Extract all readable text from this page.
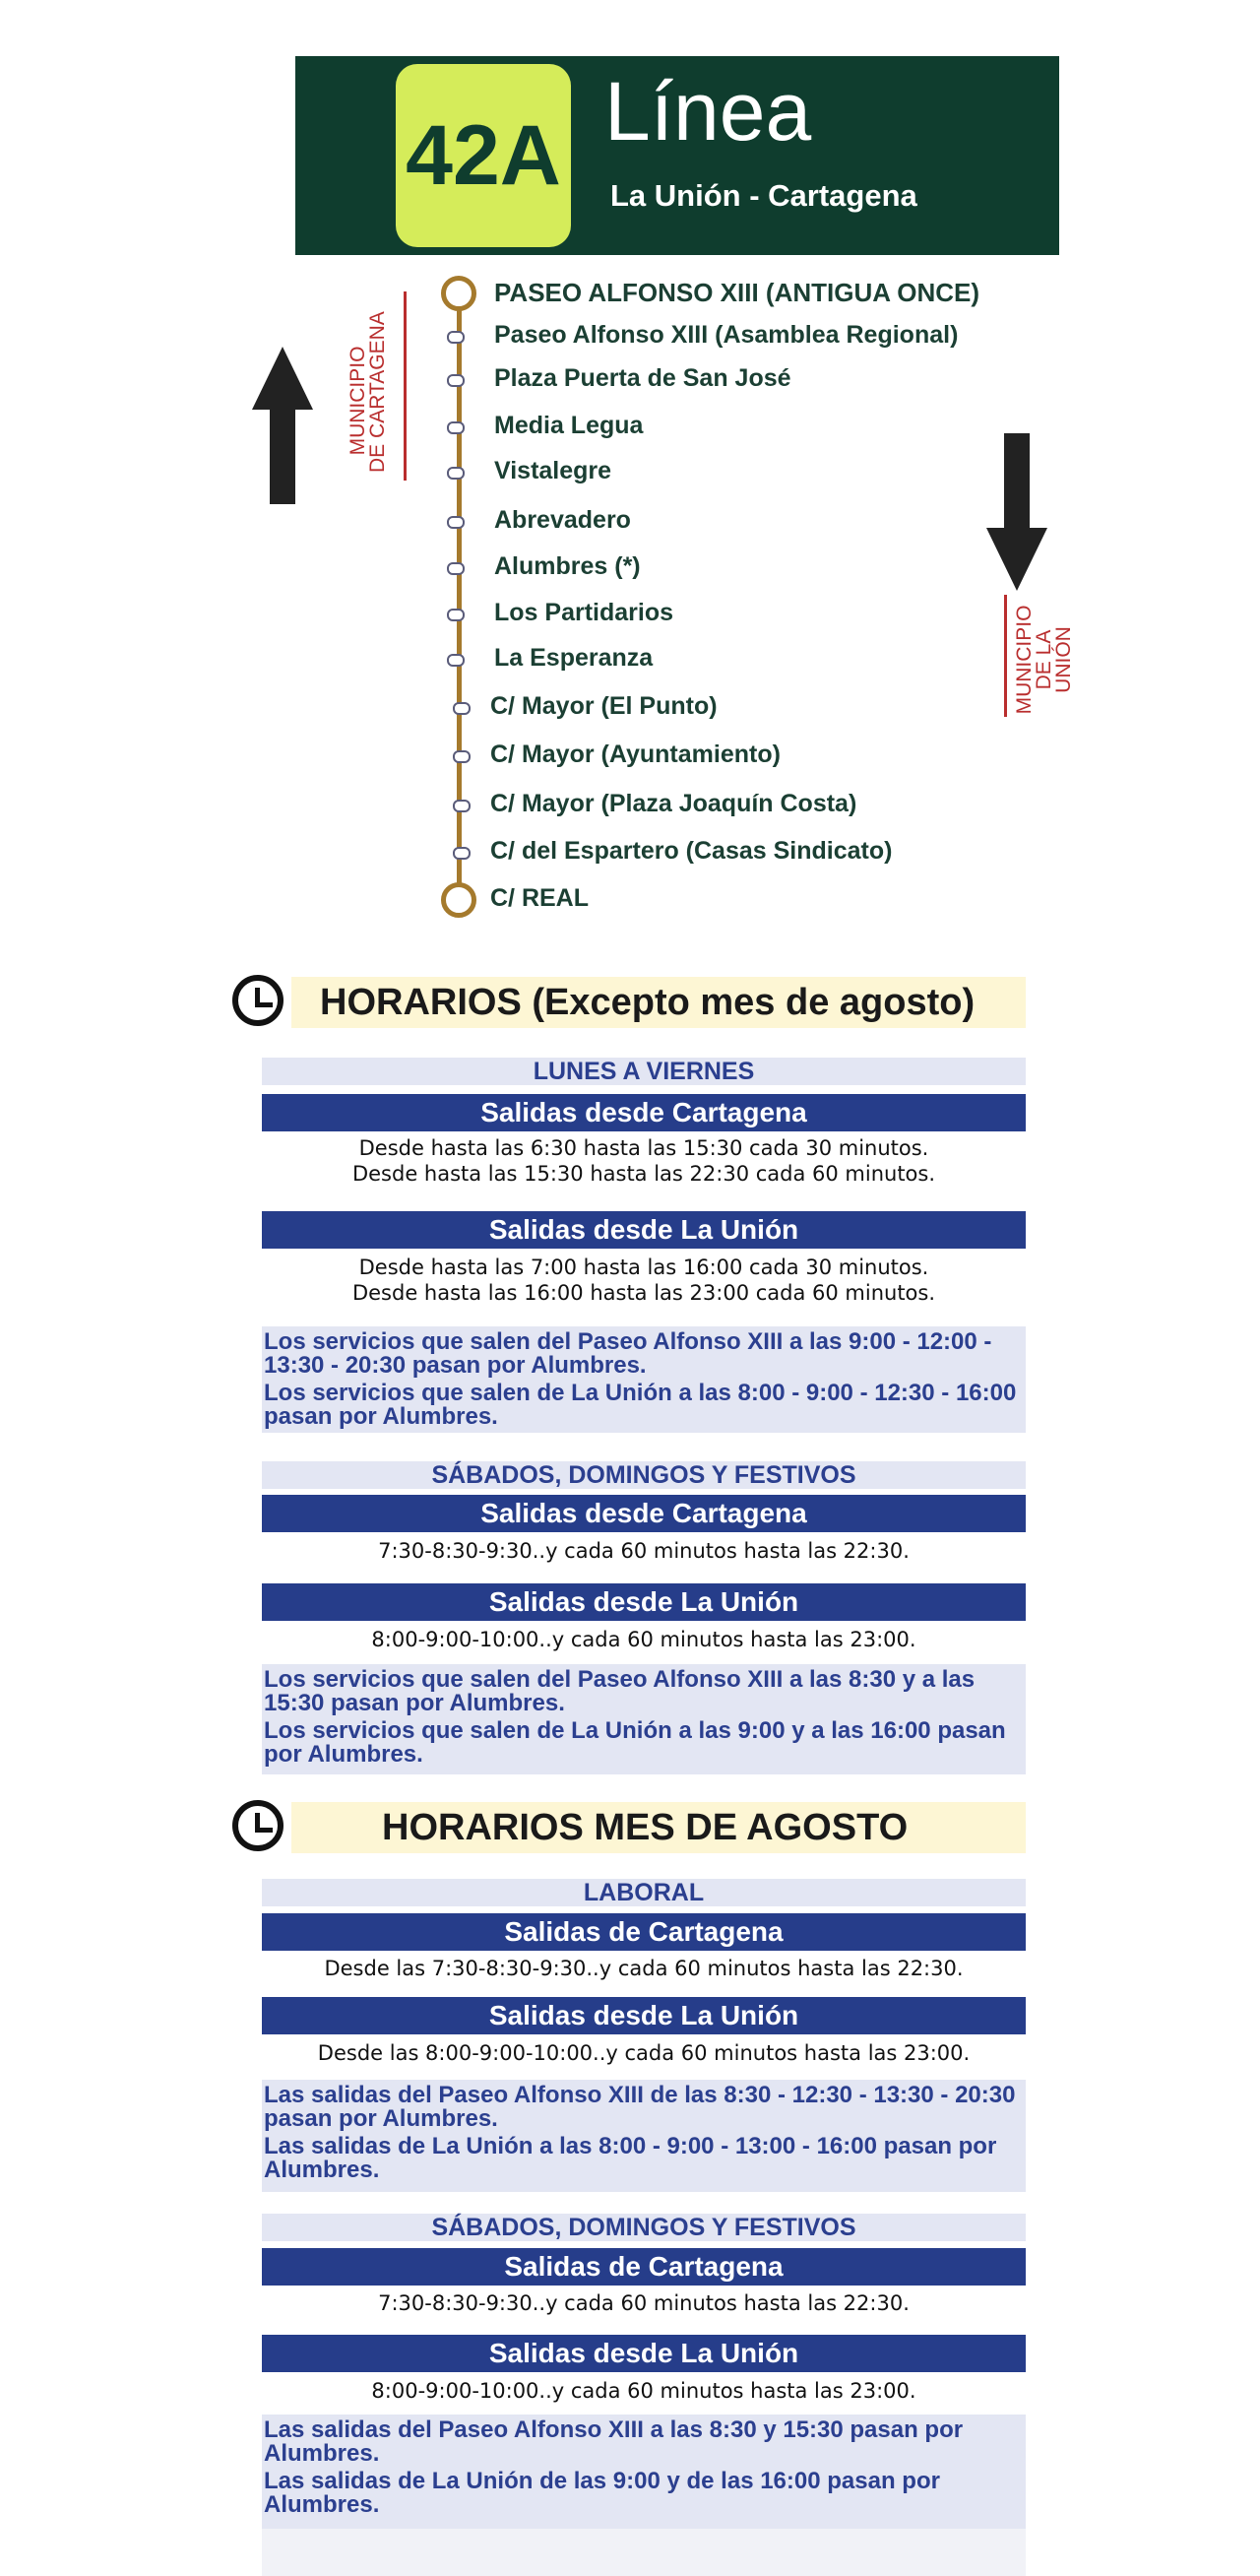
42A Línea
La Unión - Cartagena
PASEO ALFONSO XIII (ANTIGUA ONCE)
Paseo Alfonso XIII (Asamblea Regional)
Plaza Puerta de San José
Media Legua
Vistalegre
Abrevadero
Alumbres (*)
Los Partidarios
La Esperanza
C/ Mayor (El Punto)
C/ Mayor (Ayuntamiento)
C/ Mayor (Plaza Joaquín Costa)
C/ del Espartero (Casas Sindicato)
C/ REAL
MUNICIPIO
DE CARTAGENA
MUNICIPIO
DE LA
UNIÓN
HORARIOS (Excepto mes de agosto)
LUNES A VIERNES
Salidas desde Cartagena
Desde hasta las 6:30 hasta las 15:30 cada 30 minutos.
Desde hasta las 15:30 hasta las 22:30 cada 60 minutos.
Salidas desde La Unión
Desde hasta las 7:00 hasta las 16:00 cada 30 minutos.
Desde hasta las 16:00 hasta las 23:00 cada 60 minutos.

Los servicios que salen del Paseo Alfonso XIII a las 9:00 - 12:00 - 13:30 - 20:30 pasan por Alumbres.

Los servicios que salen de La Unión a las 8:00 - 9:00 - 12:30 - 16:00 pasan por Alumbres.

SÁBADOS, DOMINGOS Y FESTIVOS
Salidas desde Cartagena
7:30-8:30-9:30..y cada 60 minutos hasta las 22:30.
Salidas desde La Unión
8:00-9:00-10:00..y cada 60 minutos hasta las 23:00.

Los servicios que salen del Paseo Alfonso XIII a las 8:30 y a las 15:30 pasan por Alumbres.

Los servicios que salen de La Unión a las 9:00 y a las 16:00 pasan por Alumbres.

HORARIOS MES DE AGOSTO
LABORAL
Salidas de Cartagena
Desde las 7:30-8:30-9:30..y cada 60 minutos hasta las 22:30.
Salidas desde La Unión
Desde las 8:00-9:00-10:00..y cada 60 minutos hasta las 23:00.

Las salidas del Paseo Alfonso XIII de las 8:30 - 12:30 - 13:30 - 20:30 pasan por Alumbres.

Las salidas de La Unión a las 8:00 - 9:00 - 13:00 - 16:00 pasan por Alumbres.

SÁBADOS, DOMINGOS Y FESTIVOS
Salidas de Cartagena
7:30-8:30-9:30..y cada 60 minutos hasta las 22:30.
Salidas desde La Unión
8:00-9:00-10:00..y cada 60 minutos hasta las 23:00.

Las salidas del Paseo Alfonso XIII a las 8:30 y 15:30 pasan por Alumbres.

Las salidas de La Unión de las 9:00 y de las 16:00 pasan por Alumbres.
